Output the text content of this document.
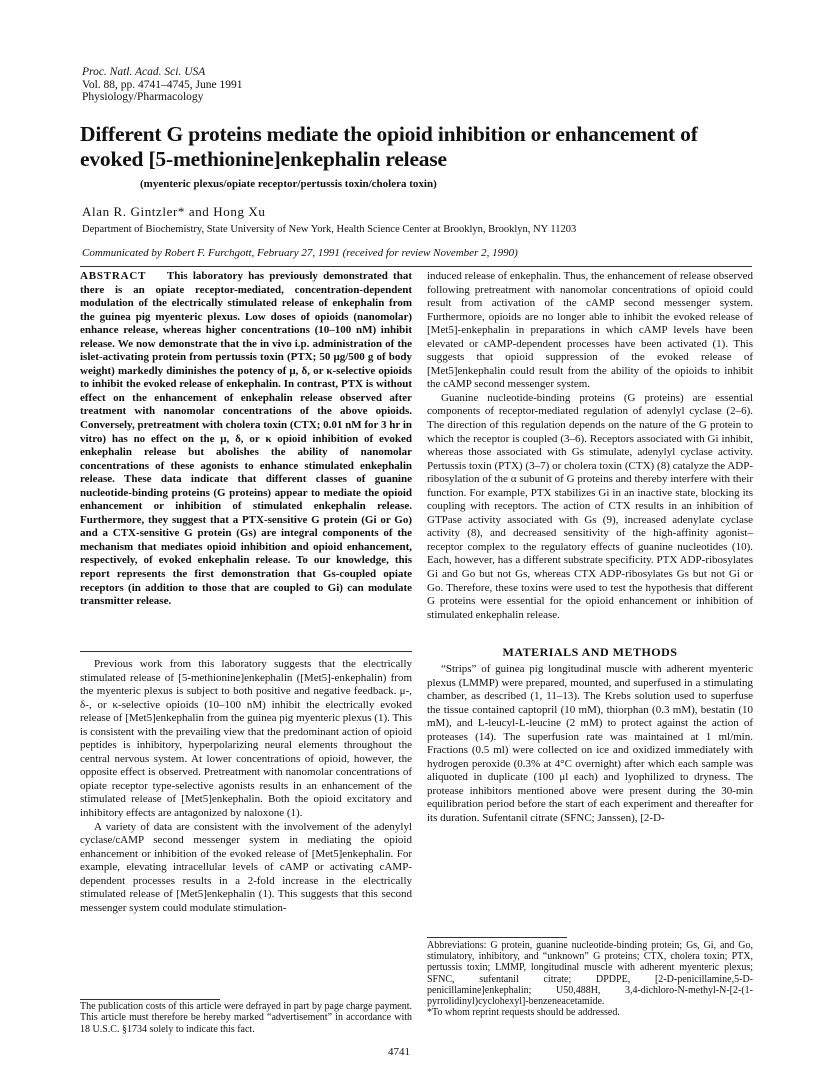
Proc. Natl. Acad. Sci. USA
Vol. 88, pp. 4741–4745, June 1991
Physiology/Pharmacology
Different G proteins mediate the opioid inhibition or enhancement of evoked [5-methionine]enkephalin release
(myenteric plexus/opiate receptor/pertussis toxin/cholera toxin)
Alan R. Gintzler* and Hong Xu
Department of Biochemistry, State University of New York, Health Science Center at Brooklyn, Brooklyn, NY 11203
Communicated by Robert F. Furchgott, February 27, 1991 (received for review November 2, 1990)
ABSTRACT This laboratory has previously demonstrated that there is an opiate receptor-mediated, concentration-dependent modulation of the electrically stimulated release of enkephalin from the guinea pig myenteric plexus. Low doses of opioids (nanomolar) enhance release, whereas higher concentrations (10–100 nM) inhibit release. We now demonstrate that the in vivo i.p. administration of the islet-activating protein from pertussis toxin (PTX; 50 μg/500 g of body weight) markedly diminishes the potency of μ, δ, or κ-selective opioids to inhibit the evoked release of enkephalin. In contrast, PTX is without effect on the enhancement of enkephalin release observed after treatment with nanomolar concentrations of the above opioids. Conversely, pretreatment with cholera toxin (CTX; 0.01 nM for 3 hr in vitro) has no effect on the μ, δ, or κ opioid inhibition of evoked enkephalin release but abolishes the ability of nanomolar concentrations of these agonists to enhance stimulated enkephalin release. These data indicate that different classes of guanine nucleotide-binding proteins (G proteins) appear to mediate the opioid enhancement or inhibition of stimulated enkephalin release. Furthermore, they suggest that a PTX-sensitive G protein (Gi or Go) and a CTX-sensitive G protein (Gs) are integral components of the mechanism that mediates opioid inhibition and opioid enhancement, respectively, of evoked enkephalin release. To our knowledge, this report represents the first demonstration that Gs-coupled opiate receptors (in addition to those that are coupled to Gi) can modulate transmitter release.

Previous work from this laboratory suggests that the electrically stimulated release of [5-methionine]enkephalin ([Met5]-enkephalin) from the myenteric plexus is subject to both positive and negative feedback. μ-, δ-, or κ-selective opioids (10–100 nM) inhibit the electrically evoked release of [Met5]enkephalin from the guinea pig myenteric plexus (1). This is consistent with the prevailing view that the predominant action of opioid peptides is inhibitory, hyperpolarizing neural elements throughout the central nervous system. At lower concentrations of opioid, however, the opposite effect is observed. Pretreatment with nanomolar concentrations of opiate receptor type-selective agonists results in an enhancement of the stimulated release of [Met5]enkephalin. Both the opioid excitatory and inhibitory effects are antagonized by naloxone (1).

A variety of data are consistent with the involvement of the adenylyl cyclase/cAMP second messenger system in mediating the opioid enhancement or inhibition of the evoked release of [Met5]enkephalin. For example, elevating intracellular levels of cAMP or activating cAMP-dependent processes results in a 2-fold increase in the electrically stimulated release of [Met5]enkephalin (1). This suggests that this second messenger system could modulate stimulation-

induced release of enkephalin. Thus, the enhancement of release observed following pretreatment with nanomolar concentrations of opioid could result from activation of the cAMP second messenger system. Furthermore, opioids are no longer able to inhibit the evoked release of [Met5]-enkephalin in preparations in which cAMP levels have been elevated or cAMP-dependent processes have been activated (1). This suggests that opioid suppression of the evoked release of [Met5]enkephalin could result from the ability of the opioids to inhibit the cAMP second messenger system.

Guanine nucleotide-binding proteins (G proteins) are essential components of receptor-mediated regulation of adenylyl cyclase (2–6). The direction of this regulation depends on the nature of the G protein to which the receptor is coupled (3–6). Receptors associated with Gi inhibit, whereas those associated with Gs stimulate, adenylyl cyclase activity. Pertussis toxin (PTX) (3–7) or cholera toxin (CTX) (8) catalyze the ADP-ribosylation of the α subunit of G proteins and thereby interfere with their function. For example, PTX stabilizes Gi in an inactive state, blocking its coupling with receptors. The action of CTX results in an inhibition of GTPase activity associated with Gs (9), increased adenylate cyclase activity (8), and decreased sensitivity of the high-affinity agonist–receptor complex to the regulatory effects of guanine nucleotides (10). Each, however, has a different substrate specificity. PTX ADP-ribosylates Gi and Go but not Gs, whereas CTX ADP-ribosylates Gs but not Gi or Go. Therefore, these toxins were used to test the hypothesis that different G proteins were essential for the opioid enhancement or inhibition of stimulated enkephalin release.

MATERIALS AND METHODS

“Strips” of guinea pig longitudinal muscle with adherent myenteric plexus (LMMP) were prepared, mounted, and superfused in a stimulating chamber, as described (1, 11–13). The Krebs solution used to superfuse the tissue contained captopril (10 mM), thiorphan (0.3 mM), bestatin (10 mM), and L-leucyl-L-leucine (2 mM) to protect against the action of proteases (14). The superfusion rate was maintained at 1 ml/min. Fractions (0.5 ml) were collected on ice and oxidized immediately with hydrogen peroxide (0.3% at 4°C overnight) after which each sample was aliquoted in duplicate (100 μl each) and lyophilized to dryness. The protease inhibitors mentioned above were present during the 30-min equilibration period before the start of each experiment and thereafter for its duration. Sufentanil citrate (SFNC; Janssen), [2-D-

Abbreviations: G protein, guanine nucleotide-binding protein; Gs, Gi, and Go, stimulatory, inhibitory, and “unknown” G proteins; CTX, cholera toxin; PTX, pertussis toxin; LMMP, longitudinal muscle with adherent myenteric plexus; SFNC, sufentanil citrate; DPDPE, [2-D-penicillamine,5-D-penicillamine]enkephalin; U50,488H, 3,4-dichloro-N-methyl-N-[2-(1-pyrrolidinyl)cyclohexyl]-benzeneacetamide.
*To whom reprint requests should be addressed.
The publication costs of this article were defrayed in part by page charge payment. This article must therefore be hereby marked “advertisement” in accordance with 18 U.S.C. §1734 solely to indicate this fact.
4741
